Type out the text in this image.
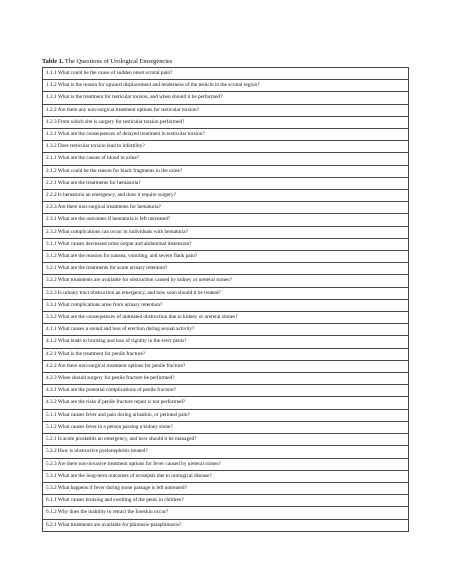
Table 1. The Questions of Urological Emergencies
1.1.1 What could be the cause of sudden onset scrotal pain?
1.1.2 What is the reason for upward displacement and tenderness of the testicle in the scrotal region?
1.2.1 What is the treatment for testicular torsion, and when should it be performed?
1.2.2 Are there any non-surgical treatment options for testicular torsion?
1.2.3 From which site is surgery for testicular torsion performed?
1.3.1 What are the consequences of delayed treatment in testicular torsion?
1.3.2 Does testicular torsion lead to infertility?
2.1.1 What are the causes of blood in urine?
2.1.2 What could be the reason for black fragments in the urine?
2.2.1 What are the treatments for hematuria?
2.2.2 Is hematuria an emergency, and does it require surgery?
2.2.3 Are there non-surgical treatments for hematuria?
2.3.1 What are the outcomes if hematuria is left untreated?
2.3.2 What complications can occur in individuals with hematuria?
3.1.1 What causes decreased urine output and abdominal distension?
3.1.2 What are the reasons for nausea, vomiting, and severe flank pain?
3.2.1 What are the treatments for acute urinary retention?
3.2.2 What treatments are available for obstruction caused by kidney or ureteral stones?
3.2.3 Is urinary tract obstruction an emergency, and how soon should it be treated?
3.3.1 What complications arise from urinary retention?
3.3.2 What are the consequences of untreated obstruction due to kidney or ureteral stones?
4.1.1 What causes a sound and loss of erection during sexual activity?
4.1.2 What leads to bruising and loss of rigidity in the erect penis?
4.2.1 What is the treatment for penile fracture?
4.2.2 Are there non-surgical treatment options for penile fracture?
4.2.3 When should surgery for penile fracture be performed?
4.3.1 What are the potential complications of penile fracture?
4.3.2 What are the risks if penile fracture repair is not performed?
5.1.1 What causes fever and pain during urination, or perineal pain?
5.1.2 What causes fever in a person passing a kidney stone?
5.2.1 Is acute prostatitis an emergency, and how should it be managed?
5.2.2 How is obstructive pyelonephritis treated?
5.2.3 Are there non-invasive treatment options for fever caused by ureteral stones?
5.3.1 What are the long-term outcomes of urosepsis due to urological disease?
5.3.2 What happens if fever during stone passage is left untreated?
6.1.1 What causes bruising and swelling of the penis in children?
6.1.2 Why does the inability to retract the foreskin occur?
6.2.1 What treatments are available for phimosis-paraphimosis?
